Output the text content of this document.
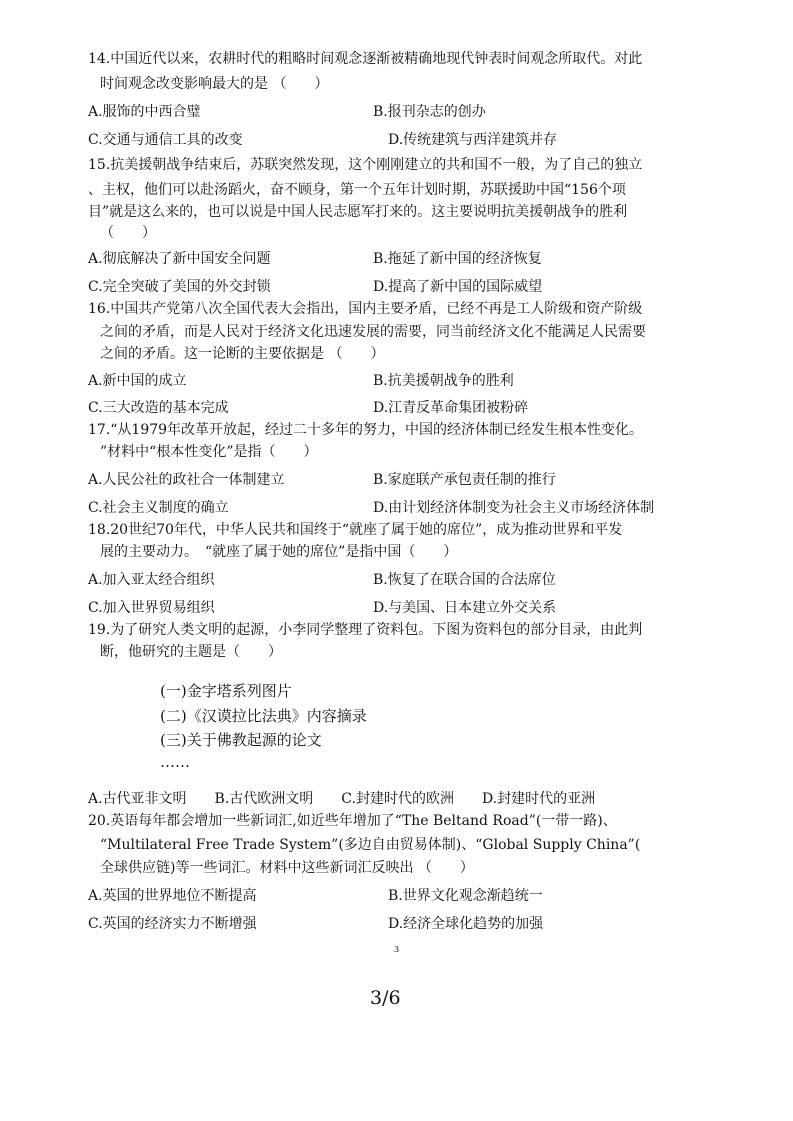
14.中国近代以来，农耕时代的粗略时间观念逐渐被精确地现代钟表时间观念所取代。对此
时间观念改变影响最大的是 （　　）
A.服饰的中西合璧	B.报刊杂志的创办
C.交通与通信工具的改变	D.传统建筑与西洋建筑并存
15.抗美援朝战争结束后，苏联突然发现，这个刚刚建立的共和国不一般，为了自己的独立
、主权，他们可以赴汤蹈火，奋不顾身，第一个五年计划时期，苏联援助中国“156个项
目”就是这么来的，也可以说是中国人民志愿军打来的。这主要说明抗美援朝战争的胜利
（　　）
A.彻底解决了新中国安全问题	B.拖延了新中国的经济恢复
C.完全突破了美国的外交封锁	D.提高了新中国的国际威望
16.中国共产党第八次全国代表大会指出，国内主要矛盾，已经不再是工人阶级和资产阶级
之间的矛盾，而是人民对于经济文化迅速发展的需要，同当前经济文化不能满足人民需要
之间的矛盾。这一论断的主要依据是 （　　）
A.新中国的成立	B.抗美援朝战争的胜利
C.三大改造的基本完成	D.江青反革命集团被粉碎
17.“从1979年改革开放起，经过二十多年的努力，中国的经济体制已经发生根本性变化。
”材料中“根本性变化”是指（　　）
A.人民公社的政社合一体制建立	B.家庭联产承包责任制的推行
C.社会主义制度的确立	D.由计划经济体制变为社会主义市场经济体制
18.20世纪70年代，中华人民共和国终于“就座了属于她的席位”，成为推动世界和平发
展的主要动力。　“就座了属于她的席位”是指中国（　　）
A.加入亚太经合组织	B.恢复了在联合国的合法席位
C.加入世界贸易组织	D.与美国、日本建立外交关系
19.为了研究人类文明的起源，小李同学整理了资料包。下图为资料包的部分目录，由此判
断，他研究的主题是（　　）
(一)金字塔系列图片
(二)《汉谟拉比法典》内容摘录
(三)关于佛教起源的论文
……
A.古代亚非文明　　B.古代欧洲文明　　C.封建时代的欧洲　　D.封建时代的亚洲
20.英语每年都会增加一些新词汇,如近些年增加了“The Beltand Road”(一带一路)、
“Multilateral Free Trade System”(多边自由贸易体制)、“Global Supply China”(
全球供应链)等一些词汇。材料中这些新词汇反映出 （　　）
A.英国的世界地位不断提高	B.世界文化观念渐趋统一
C.英国的经济实力不断增强	D.经济全球化趋势的加强
3
3/6
